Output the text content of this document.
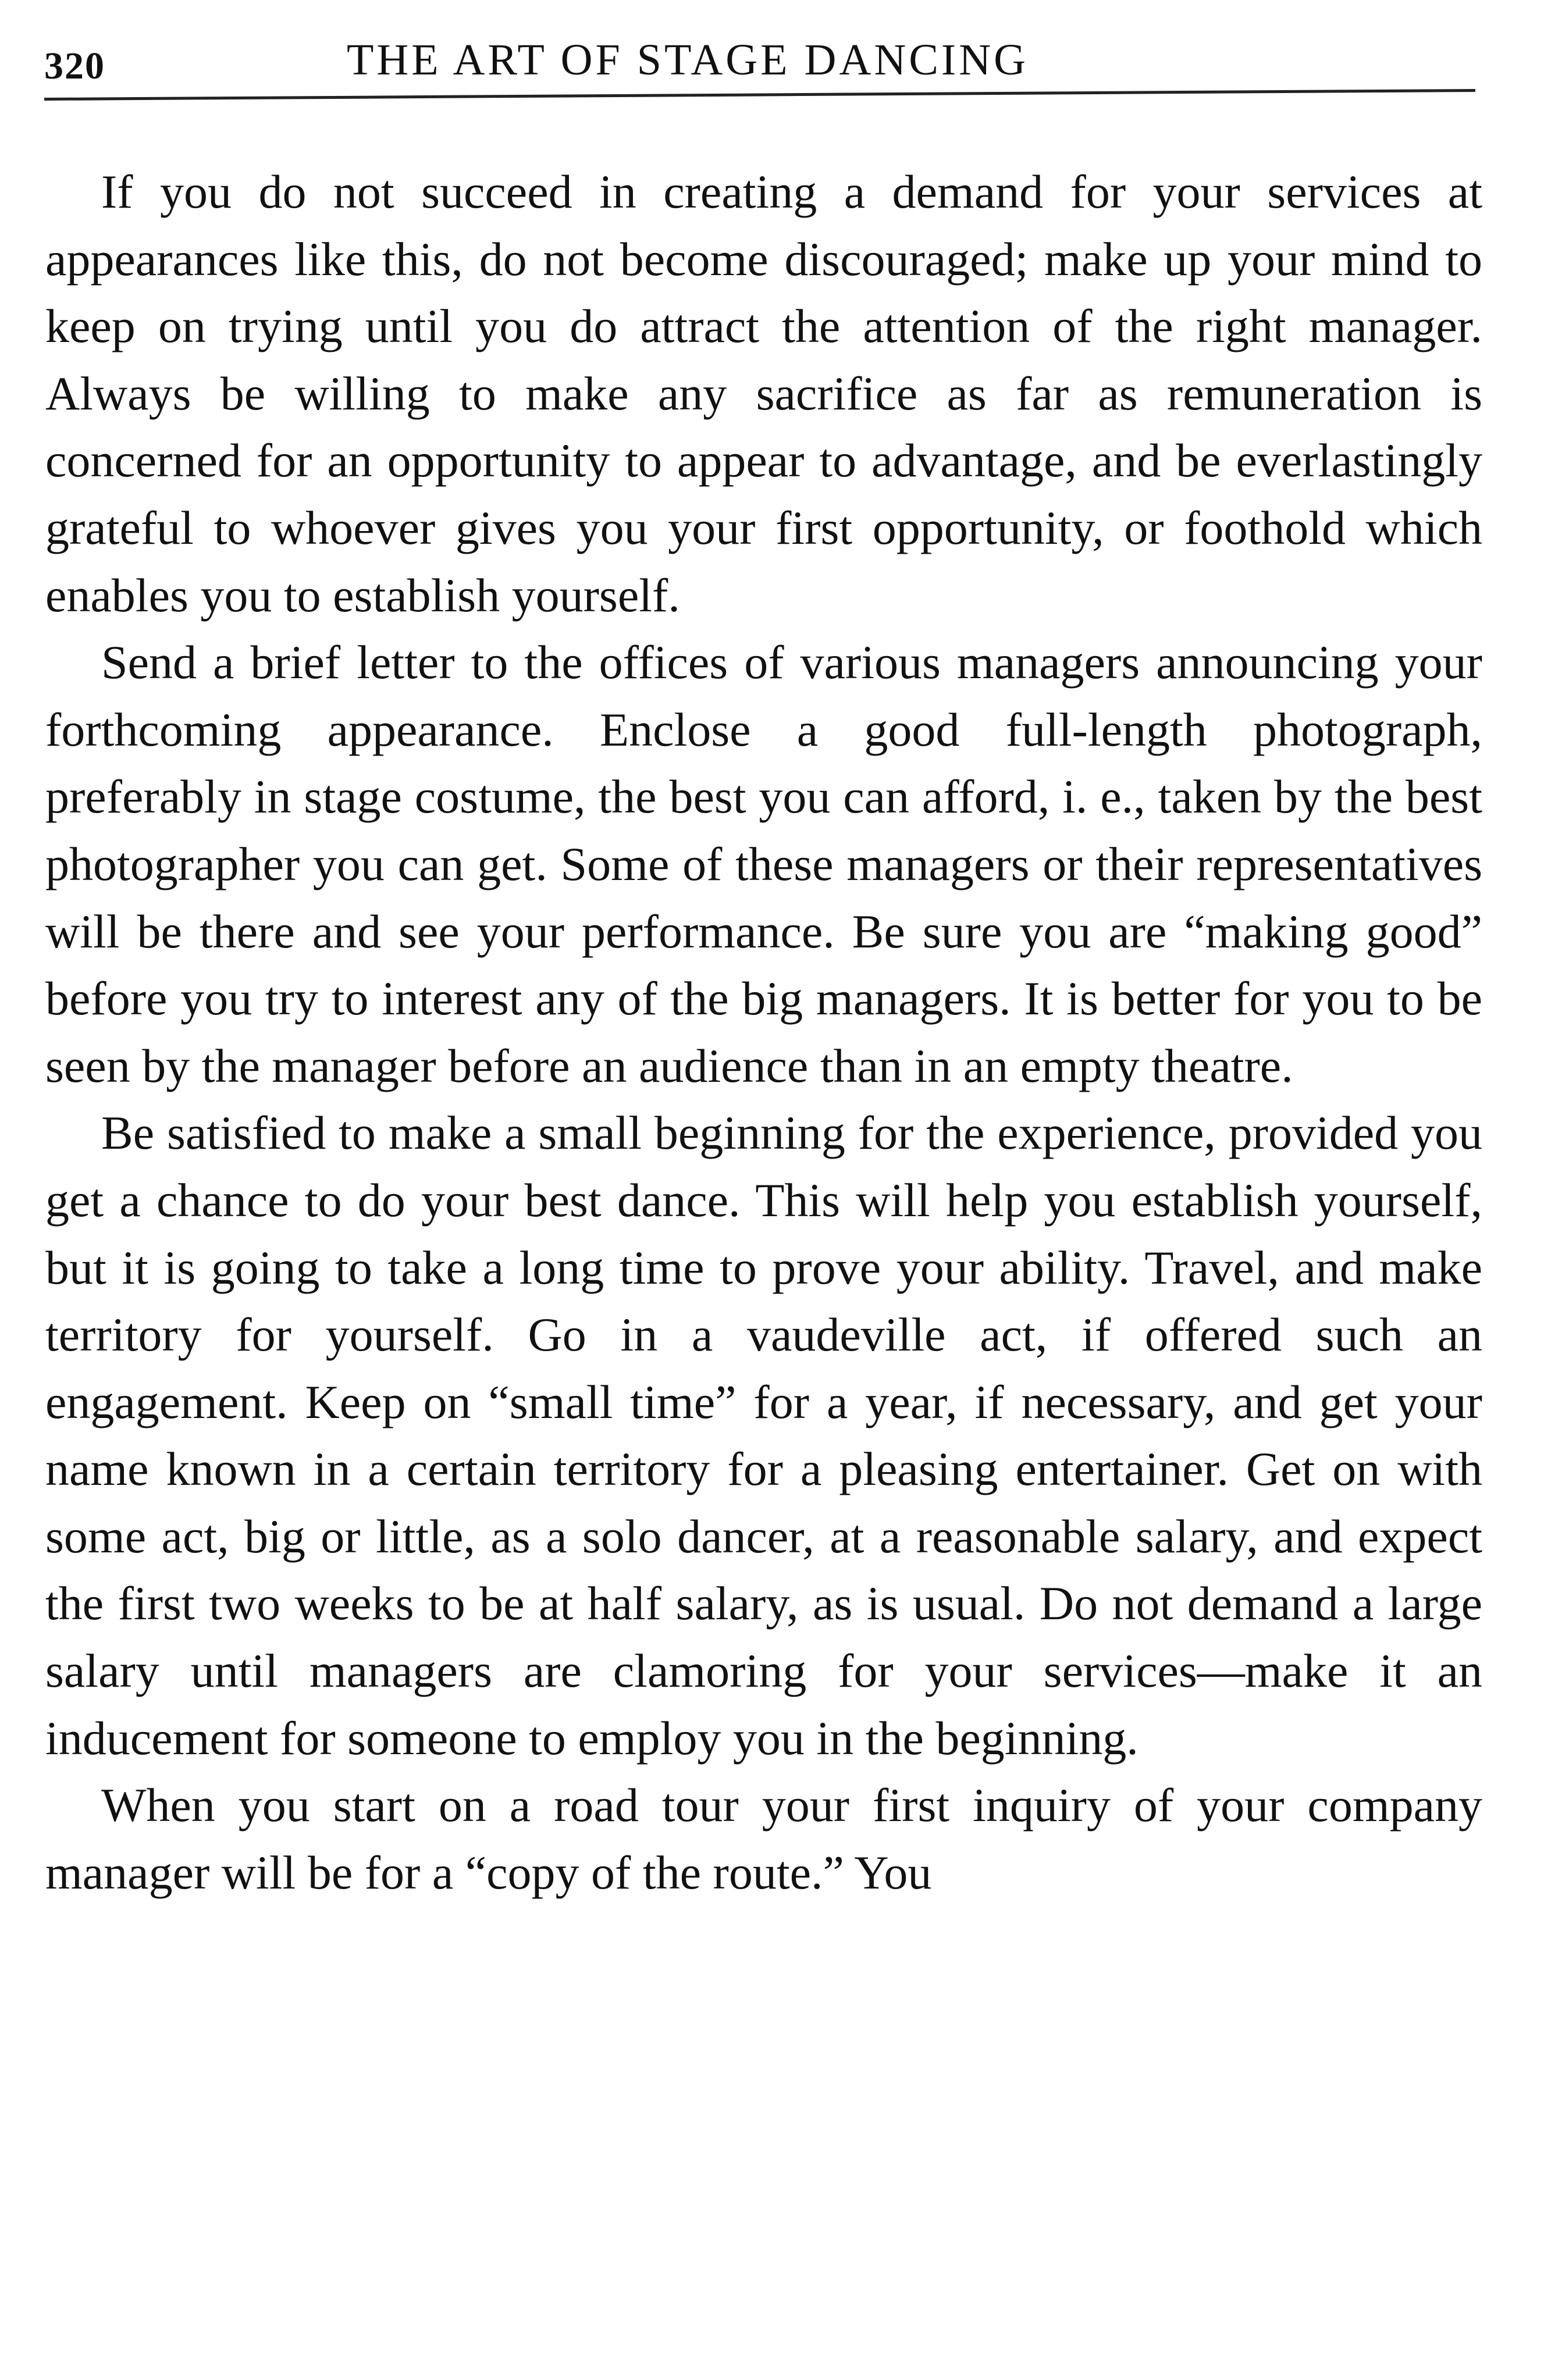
320	THE ART OF STAGE DANCING

If you do not succeed in creating a demand for your services at appearances like this, do not become discouraged; make up your mind to keep on trying until you do attract the attention of the right manager. Always be willing to make any sacrifice as far as remuneration is concerned for an opportunity to appear to advantage, and be everlastingly grateful to whoever gives you your first opportunity, or foothold which enables you to establish yourself.

Send a brief letter to the offices of various managers announcing your forthcoming appearance. Enclose a good full-length photograph, preferably in stage costume, the best you can afford, i. e., taken by the best photographer you can get. Some of these managers or their representatives will be there and see your performance. Be sure you are “making good” before you try to interest any of the big managers. It is better for you to be seen by the manager before an audience than in an empty theatre.

Be satisfied to make a small beginning for the experience, provided you get a chance to do your best dance. This will help you establish yourself, but it is going to take a long time to prove your ability. Travel, and make territory for yourself. Go in a vaudeville act, if offered such an engagement. Keep on “small time” for a year, if necessary, and get your name known in a certain territory for a pleasing entertainer. Get on with some act, big or little, as a solo dancer, at a reasonable salary, and expect the first two weeks to be at half salary, as is usual. Do not demand a large salary until managers are clamoring for your services—make it an inducement for someone to employ you in the beginning.

When you start on a road tour your first inquiry of your company manager will be for a “copy of the route.” You
